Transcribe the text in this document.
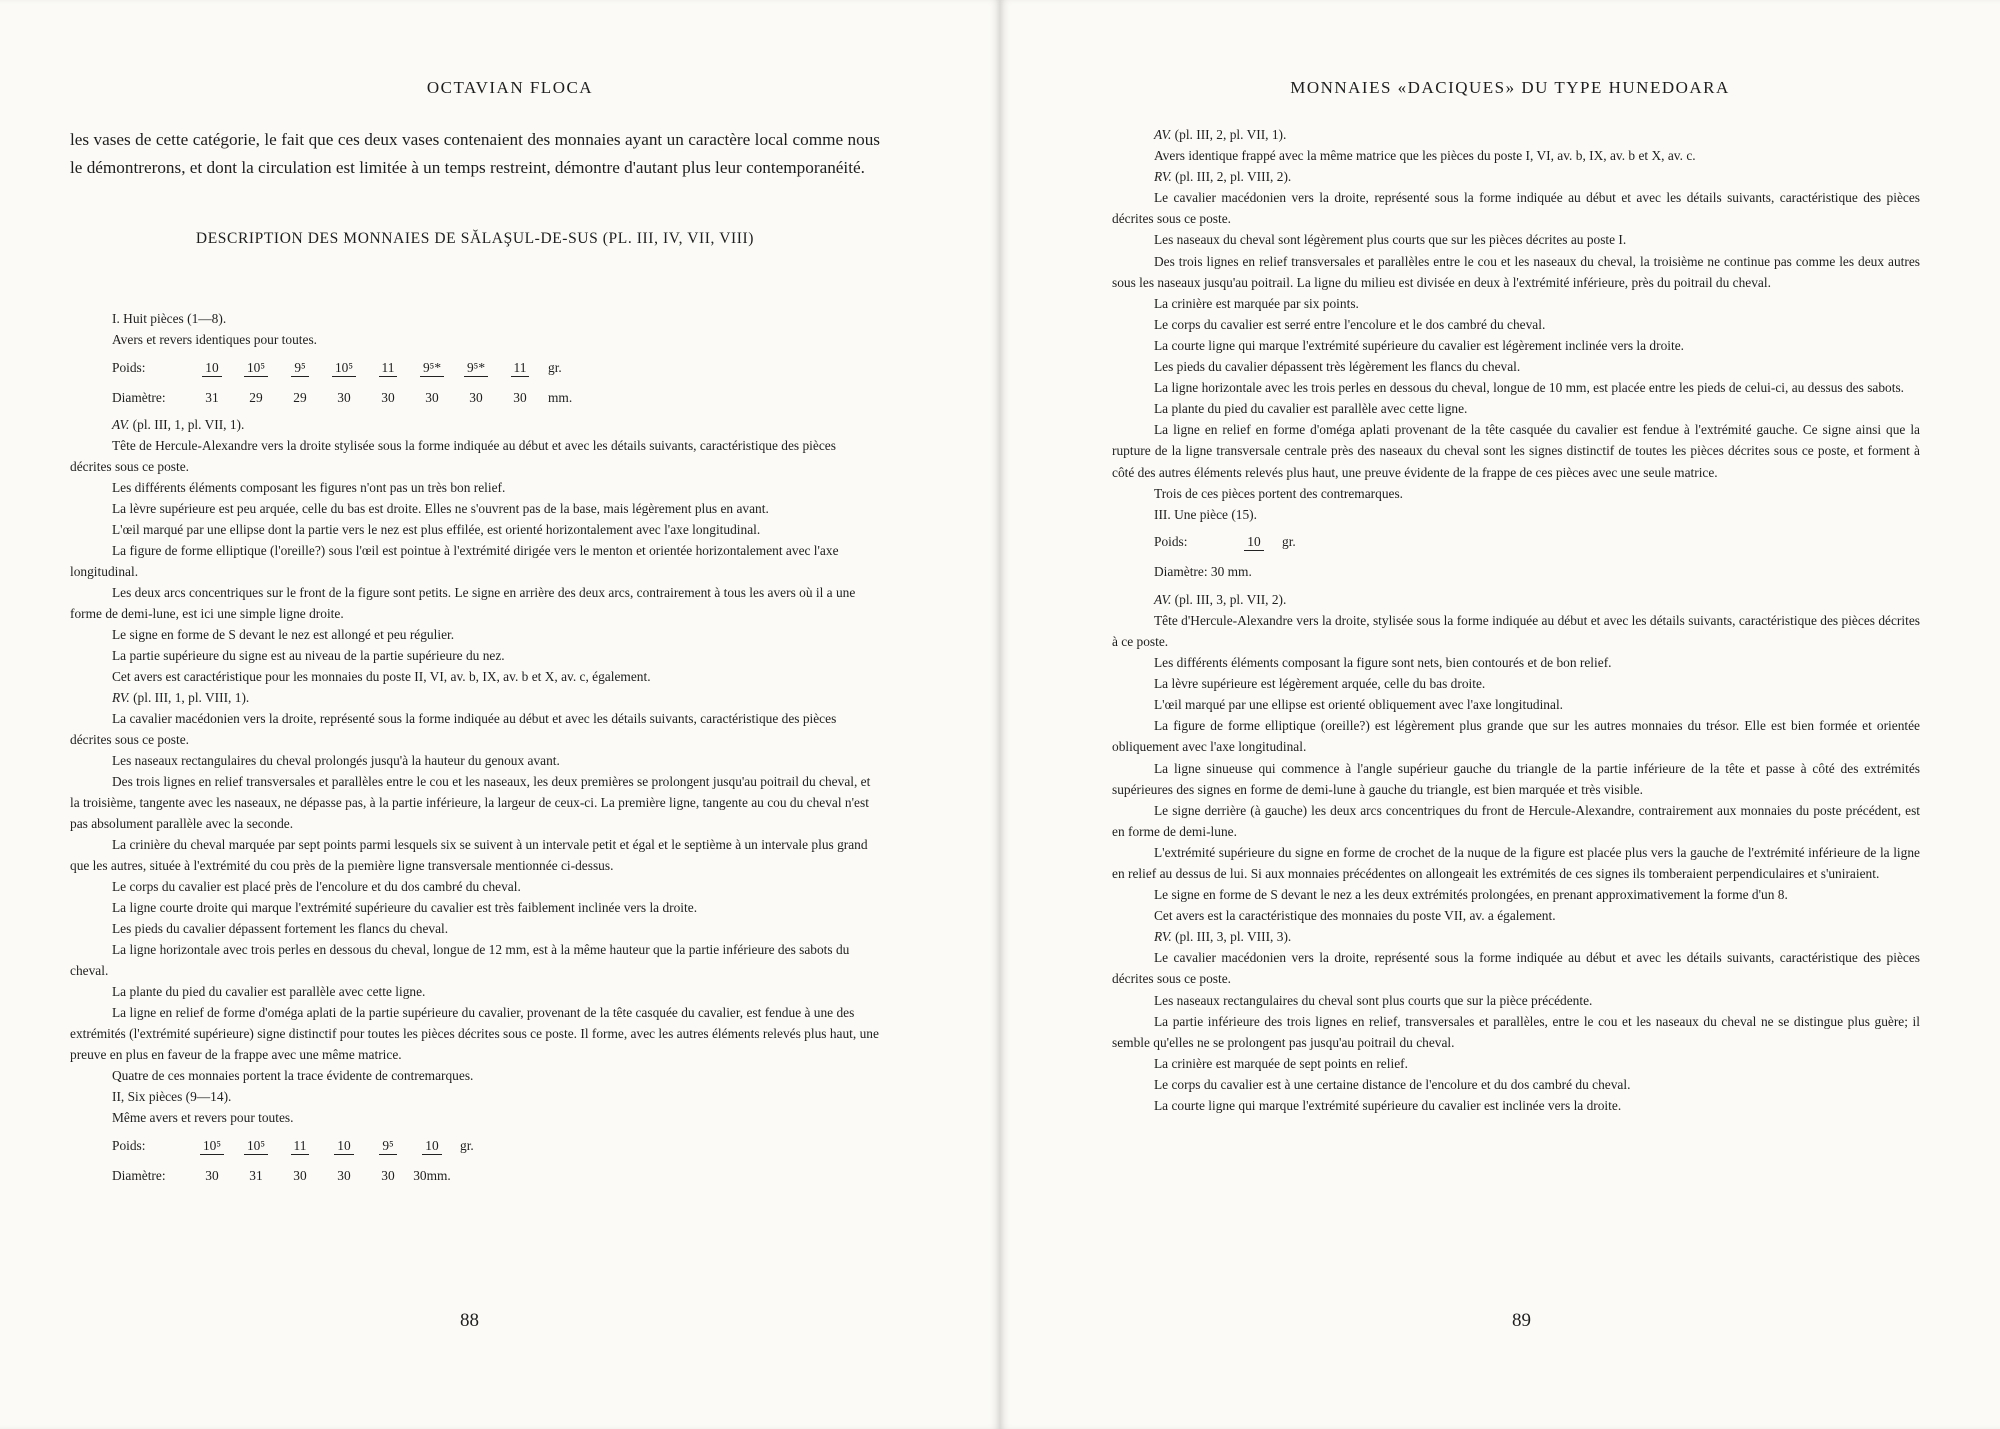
OCTAVIAN FLOCA
les vases de cette catégorie, le fait que ces deux vases contenaient des monnaies ayant un caractère local comme nous le démontrerons, et dont la circulation est limitée à un temps restreint, démontre d'autant plus leur contemporanéité.
DESCRIPTION DES MONNAIES DE SĂLAŞUL-DE-SUS (PL. III, IV, VII, VIII)
I. Huit pièces (1—8).
Avers et revers identiques pour toutes.
Poids:	10	10⁵	9⁵	10⁵	11	9⁵*	9⁵*	11	gr.
Diamètre:	31	29	29	30	30	30	30	30	mm.
AV. (pl. III, 1, pl. VII, 1).
Tête de Hercule-Alexandre vers la droite stylisée sous la forme indiquée au début et avec les détails suivants, caractéristique des pièces décrites sous ce poste.
Les différents éléments composant les figures n'ont pas un très bon relief.
La lèvre supérieure est peu arquée, celle du bas est droite. Elles ne s'ouvrent pas de la base, mais légèrement plus en avant.
L'œil marqué par une ellipse dont la partie vers le nez est plus effilée, est orienté horizontalement avec l'axe longitudinal.
La figure de forme elliptique (l'oreille?) sous l'œil est pointue à l'extrémité dirigée vers le menton et orientée horizontalement avec l'axe longitudinal.
Les deux arcs concentriques sur le front de la figure sont petits. Le signe en arrière des deux arcs, contrairement à tous les avers où il a une forme de demi-lune, est ici une simple ligne droite.
Le signe en forme de S devant le nez est allongé et peu régulier.
La partie supérieure du signe est au niveau de la partie supérieure du nez.
Cet avers est caractéristique pour les monnaies du poste II, VI, av. b, IX, av. b et X, av. c, également.
RV. (pl. III, 1, pl. VIII, 1).
La cavalier macédonien vers la droite, représenté sous la forme indiquée au début et avec les détails suivants, caractéristique des pièces décrites sous ce poste.
Les naseaux rectangulaires du cheval prolongés jusqu'à la hauteur du genoux avant.
Des trois lignes en relief transversales et parallèles entre le cou et les naseaux, les deux premières se prolongent jusqu'au poitrail du cheval, et la troisième, tangente avec les naseaux, ne dépasse pas, à la partie inférieure, la largeur de ceux-ci. La première ligne, tangente au cou du cheval n'est pas absolument parallèle avec la seconde.
La crinière du cheval marquée par sept points parmi lesquels six se suivent à un intervale petit et égal et le septième à un intervale plus grand que les autres, située à l'extrémité du cou près de la pıemière ligne transversale mentionnée ci-dessus.
Le corps du cavalier est placé près de l'encolure et du dos cambré du cheval.
La ligne courte droite qui marque l'extrémité supérieure du cavalier est très faiblement inclinée vers la droite.
Les pieds du cavalier dépassent fortement les flancs du cheval.
La ligne horizontale avec trois perles en dessous du cheval, longue de 12 mm, est à la même hauteur que la partie inférieure des sabots du cheval.
La plante du pied du cavalier est parallèle avec cette ligne.
La ligne en relief de forme d'oméga aplati de la partie supérieure du cavalier, provenant de la tête casquée du cavalier, est fendue à une des extrémités (l'extrémité supérieure) signe distinctif pour toutes les pièces décrites sous ce poste. Il forme, avec les autres éléments relevés plus haut, une preuve en plus en faveur de la frappe avec une même matrice.
Quatre de ces monnaies portent la trace évidente de contremarques.
II, Six pièces (9—14).
Même avers et revers pour toutes.
Poids:	10⁵	10⁵	11	10	9⁵	10	gr.
Diamètre:	30	31	30	30	30	30mm.
88
MONNAIES «DACIQUES» DU TYPE HUNEDOARA
AV. (pl. III, 2, pl. VII, 1).
Avers identique frappé avec la même matrice que les pièces du poste I, VI, av. b, IX, av. b et X, av. c.
RV. (pl. III, 2, pl. VIII, 2).
Le cavalier macédonien vers la droite, représenté sous la forme indiquée au début et avec les détails suivants, caractéristique des pièces décrites sous ce poste.
Les naseaux du cheval sont légèrement plus courts que sur les pièces décrites au poste I.
Des trois lignes en relief transversales et parallèles entre le cou et les naseaux du cheval, la troisième ne continue pas comme les deux autres sous les naseaux jusqu'au poitrail. La ligne du milieu est divisée en deux à l'extrémité inférieure, près du poitrail du cheval.
La crinière est marquée par six points.
Le corps du cavalier est serré entre l'encolure et le dos cambré du cheval.
La courte ligne qui marque l'extrémité supérieure du cavalier est légèrement inclinée vers la droite.
Les pieds du cavalier dépassent très légèrement les flancs du cheval.
La ligne horizontale avec les trois perles en dessous du cheval, longue de 10 mm, est placée entre les pieds de celui-ci, au dessus des sabots.
La plante du pied du cavalier est parallèle avec cette ligne.
La ligne en relief en forme d'oméga aplati provenant de la tête casquée du cavalier est fendue à l'extrémité gauche. Ce signe ainsi que la rupture de la ligne transversale centrale près des naseaux du cheval sont les signes distinctif de toutes les pièces décrites sous ce poste, et forment à côté des autres éléments relevés plus haut, une preuve évidente de la frappe de ces pièces avec une seule matrice.
Trois de ces pièces portent des contremarques.
III. Une pièce (15).
Poids:	10	gr.
Diamètre: 30 mm.
AV. (pl. III, 3, pl. VII, 2).
Tête d'Hercule-Alexandre vers la droite, stylisée sous la forme indiquée au début et avec les détails suivants, caractéristique des pièces décrites à ce poste.
Les différents éléments composant la figure sont nets, bien contourés et de bon relief.
La lèvre supérieure est légèrement arquée, celle du bas droite.
L'œil marqué par une ellipse est orienté obliquement avec l'axe longitudinal.
La figure de forme elliptique (oreille?) est légèrement plus grande que sur les autres monnaies du trésor. Elle est bien formée et orientée obliquement avec l'axe longitudinal.
La ligne sinueuse qui commence à l'angle supérieur gauche du triangle de la partie inférieure de la tête et passe à côté des extrémités supérieures des signes en forme de demi-lune à gauche du triangle, est bien marquée et très visible.
Le signe derrière (à gauche) les deux arcs concentriques du front de Hercule-Alexandre, contrairement aux monnaies du poste précédent, est en forme de demi-lune.
L'extrémité supérieure du signe en forme de crochet de la nuque de la figure est placée plus vers la gauche de l'extrémité inférieure de la ligne en relief au dessus de lui. Si aux monnaies précédentes on allongeait les extrémités de ces signes ils tomberaient perpendiculaires et s'uniraient.
Le signe en forme de S devant le nez a les deux extrémités prolongées, en prenant approximativement la forme d'un 8.
Cet avers est la caractéristique des monnaies du poste VII, av. a également.
RV. (pl. III, 3, pl. VIII, 3).
Le cavalier macédonien vers la droite, représenté sous la forme indiquée au début et avec les détails suivants, caractéristique des pièces décrites sous ce poste.
Les naseaux rectangulaires du cheval sont plus courts que sur la pièce précédente.
La partie inférieure des trois lignes en relief, transversales et parallèles, entre le cou et les naseaux du cheval ne se distingue plus guère; il semble qu'elles ne se prolongent pas jusqu'au poitrail du cheval.
La crinière est marquée de sept points en relief.
Le corps du cavalier est à une certaine distance de l'encolure et du dos cambré du cheval.
La courte ligne qui marque l'extrémité supérieure du cavalier est inclinée vers la droite.
89
